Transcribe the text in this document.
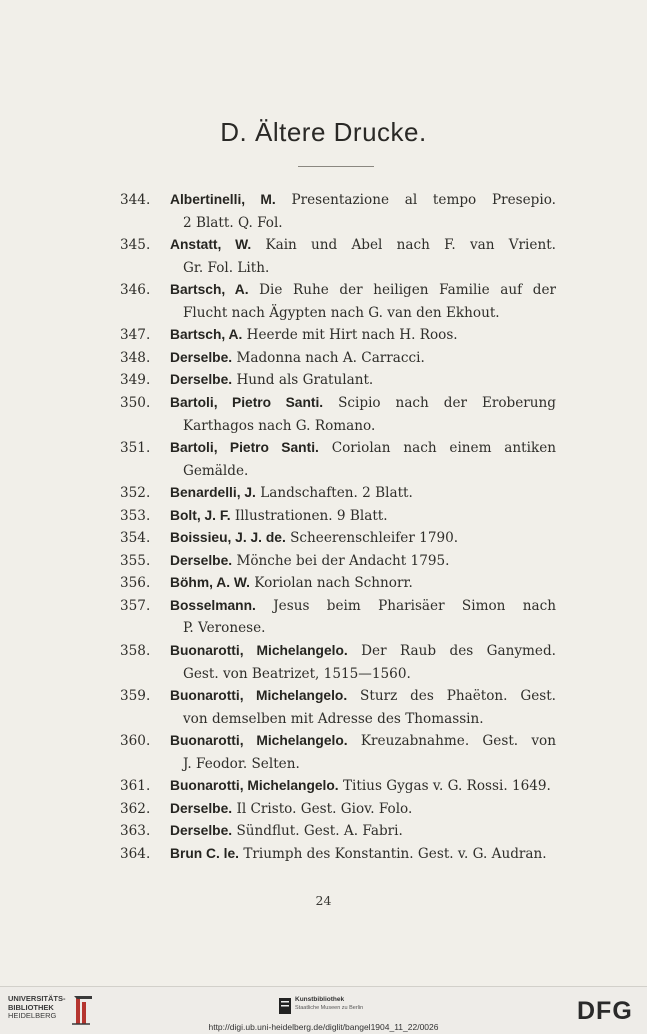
D. Ältere Drucke.
344.	Albertinelli, M. Presentazione al tempo Presepio.
2 Blatt. Q. Fol.
345.	Anstatt, W. Kain und Abel nach F. van Vrient.
Gr. Fol. Lith.
346.	Bartsch, A. Die Ruhe der heiligen Familie auf der
Flucht nach Ägypten nach G. van den Ekhout.
347.	Bartsch, A. Heerde mit Hirt nach H. Roos.
348.	Derselbe. Madonna nach A. Carracci.
349.	Derselbe. Hund als Gratulant.
350.	Bartoli, Pietro Santi. Scipio nach der Eroberung
Karthagos nach G. Romano.
351.	Bartoli, Pietro Santi. Coriolan nach einem antiken
Gemälde.
352.	Benardelli, J. Landschaften. 2 Blatt.
353.	Bolt, J. F. Illustrationen. 9 Blatt.
354.	Boissieu, J. J. de. Scheerenschleifer 1790.
355.	Derselbe. Mönche bei der Andacht 1795.
356.	Böhm, A. W. Koriolan nach Schnorr.
357.	Bosselmann. Jesus beim Pharisäer Simon nach
P. Veronese.
358.	Buonarotti, Michelangelo. Der Raub des Ganymed.
Gest. von Beatrizet, 1515—1560.
359.	Buonarotti, Michelangelo. Sturz des Phaëton. Gest.
von demselben mit Adresse des Thomassin.
360.	Buonarotti, Michelangelo. Kreuzabnahme. Gest. von
J. Feodor. Selten.
361.	Buonarotti, Michelangelo. Titius Gygas v. G. Rossi. 1649.
362.	Derselbe. Il Cristo. Gest. Giov. Folo.
363.	Derselbe. Sündflut. Gest. A. Fabri.
364.	Brun C. le. Triumph des Konstantin. Gest. v. G. Audran.
24
UNIVERSITÄTS-
BIBLIOTHEK
HEIDELBERG
Kunstbibliothek
Staatliche Museen zu Berlin	DFG
http://digi.ub.uni-heidelberg.de/diglit/bangel1904_11_22/0026
